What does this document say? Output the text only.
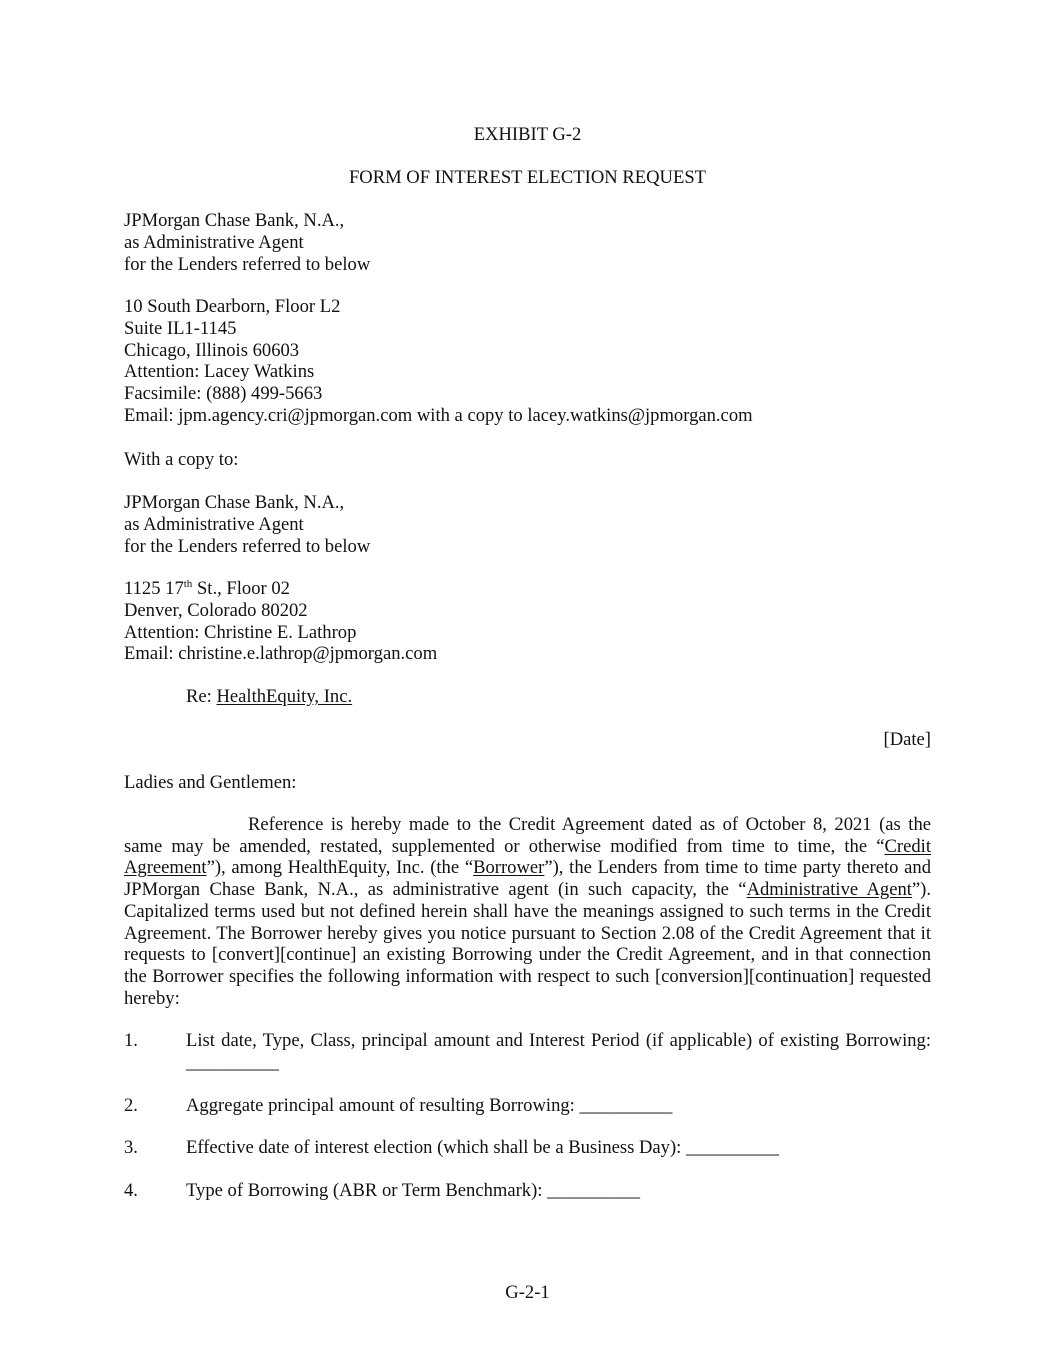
EXHIBIT G-2
FORM OF INTEREST ELECTION REQUEST
JPMorgan Chase Bank, N.A.,
as Administrative Agent
for the Lenders referred to below
10 South Dearborn, Floor L2
Suite IL1-1145
Chicago, Illinois 60603
Attention: Lacey Watkins
Facsimile: (888) 499-5663
Email: jpm.agency.cri@jpmorgan.com with a copy to lacey.watkins@jpmorgan.com
With a copy to:
JPMorgan Chase Bank, N.A.,
as Administrative Agent
for the Lenders referred to below
1125 17th St., Floor 02
Denver, Colorado 80202
Attention: Christine E. Lathrop
Email: christine.e.lathrop@jpmorgan.com
Re: HealthEquity, Inc.
[Date]
Ladies and Gentlemen:
Reference is hereby made to the Credit Agreement dated as of October 8, 2021 (as the same may be amended, restated, supplemented or otherwise modified from time to time, the “Credit Agreement”), among HealthEquity, Inc. (the “Borrower”), the Lenders from time to time party thereto and JPMorgan Chase Bank, N.A., as administrative agent (in such capacity, the “Administrative Agent”). Capitalized terms used but not defined herein shall have the meanings assigned to such terms in the Credit Agreement. The Borrower hereby gives you notice pursuant to Section 2.08 of the Credit Agreement that it requests to [convert][continue] an existing Borrowing under the Credit Agreement, and in that connection the Borrower specifies the following information with respect to such [conversion][continuation] requested hereby:
1.	List date, Type, Class, principal amount and Interest Period (if applicable) of existing Borrowing: __________
2.	Aggregate principal amount of resulting Borrowing: __________
3.	Effective date of interest election (which shall be a Business Day): __________
4.	Type of Borrowing (ABR or Term Benchmark): __________
G-2-1
